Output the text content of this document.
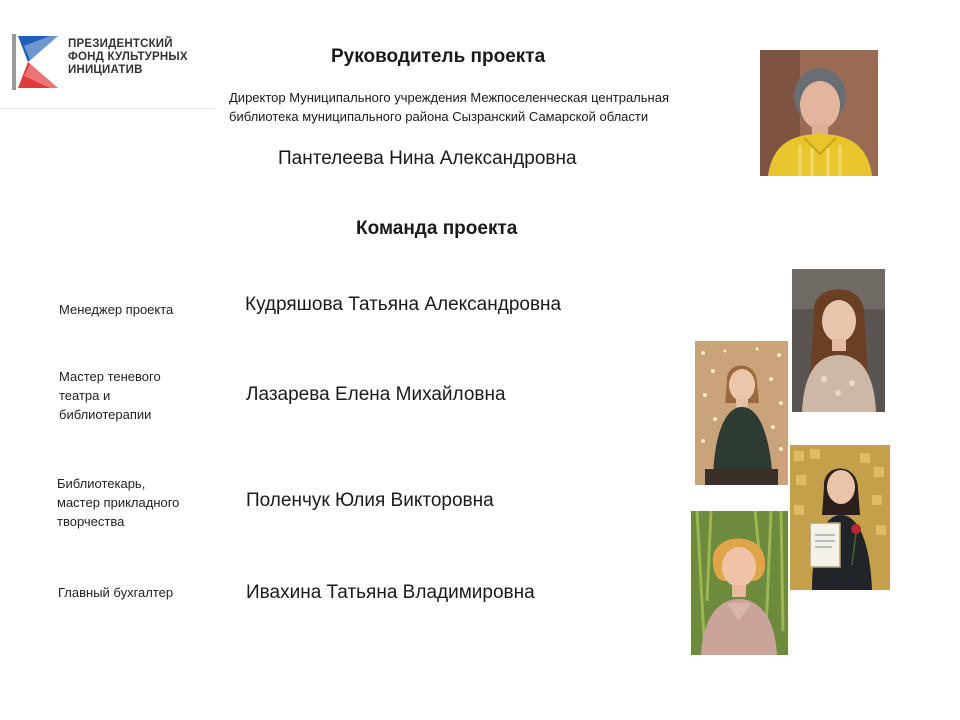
ПРЕЗИДЕНТСКИЙ
ФОНД КУЛЬТУРНЫХ
ИНИЦИАТИВ
Руководитель проекта
Директор Муниципального учреждения Межпоселенческая центральная
библиотека муниципального района Сызранский Самарской области
Пантелеева Нина Александровна
Команда проекта
Менеджер проекта	Кудряшова Татьяна Александровна
Мастер теневого
театра и
библиотерапии
Лазарева Елена Михайловна
Библиотекарь,
мастер прикладного
творчества
Поленчук Юлия Викторовна
Главный бухгалтер	Ивахина Татьяна Владимировна
